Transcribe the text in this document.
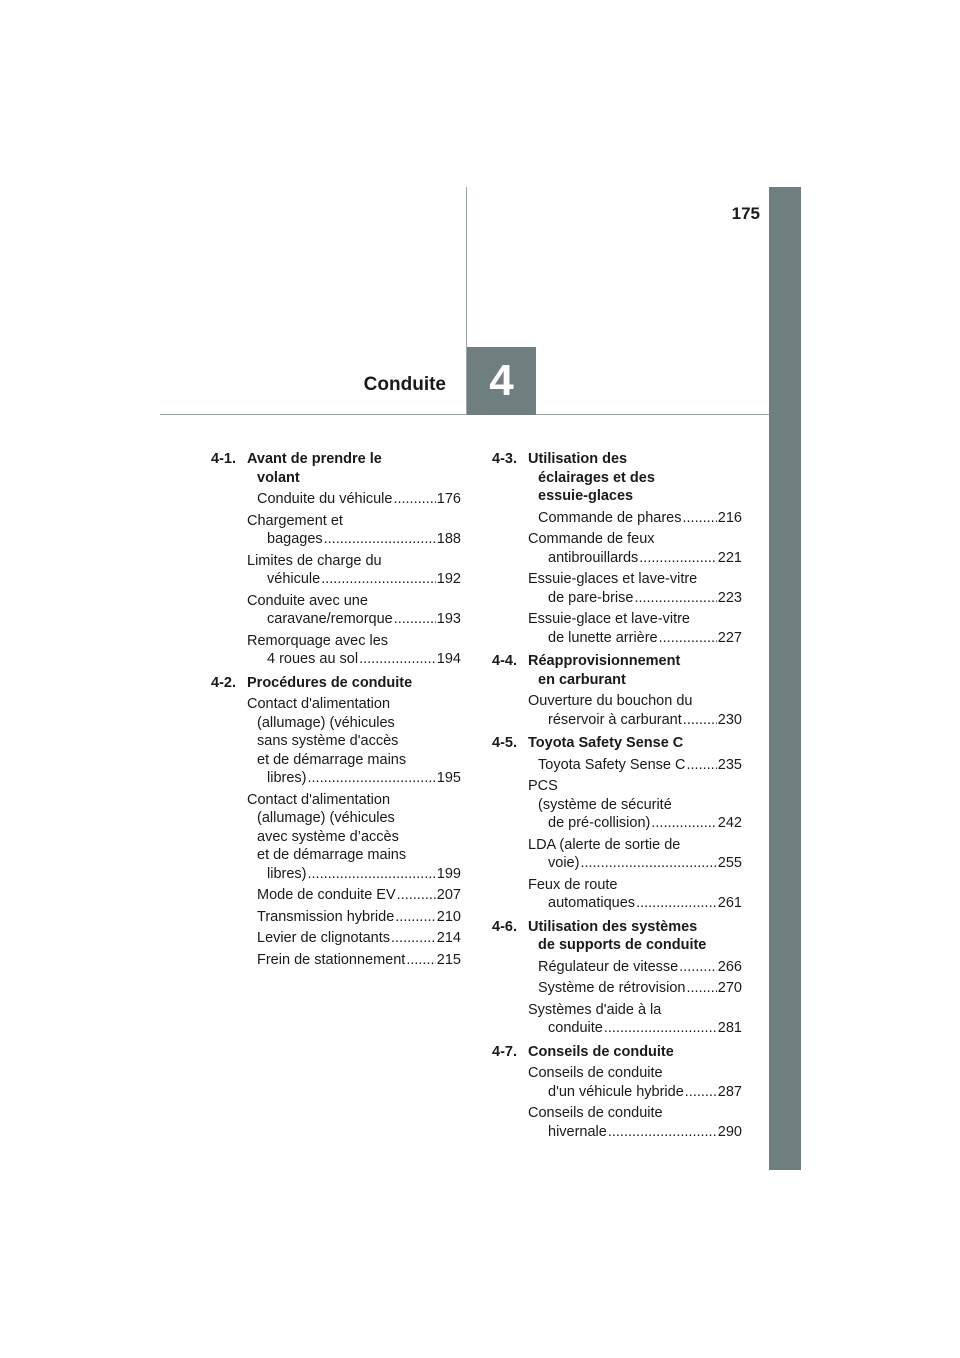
175
4
Conduite
4-1. Avant de prendre le
volant
Conduite du véhicule .....	176
Chargement et
bagages .....	188
Limites de charge du
véhicule .....	192
Conduite avec une
caravane/remorque .....	193
Remorquage avec les
4 roues au sol .....	194
4-2. Procédures de conduite
Contact d'alimentation
(allumage) (véhicules
sans système d'accès
et de démarrage mains
libres) .....	195
Contact d'alimentation
(allumage) (véhicules
avec système d’accès
et de démarrage mains
libres) .....	199
Mode de conduite EV .....	207
Transmission hybride .....	210
Levier de clignotants .....	214
Frein de stationnement ..... 215
4-3. Utilisation des
éclairages et des
essuie-glaces
Commande de phares .....	216
Commande de feux
antibrouillards .....	221
Essuie-glaces et lave-vitre
de pare-brise .....	223
Essuie-glace et lave-vitre
de lunette arrière .....	227
4-4. Réapprovisionnement
en carburant
Ouverture du bouchon du
réservoir à carburant ..... 230
4-5. Toyota Safety Sense C
Toyota Safety Sense C ..... 235
PCS
(système de sécurité
de pré-collision) .....	242
LDA (alerte de sortie de
voie) .....	255
Feux de route
automatiques .....	261
4-6. Utilisation des systèmes
de supports de conduite
Régulateur de vitesse .....	266
Système de rétrovision ..... 270
Systèmes d'aide à la
conduite .....	281
4-7. Conseils de conduite
Conseils de conduite
d'un véhicule hybride ..... 287
Conseils de conduite
hivernale .....	290
